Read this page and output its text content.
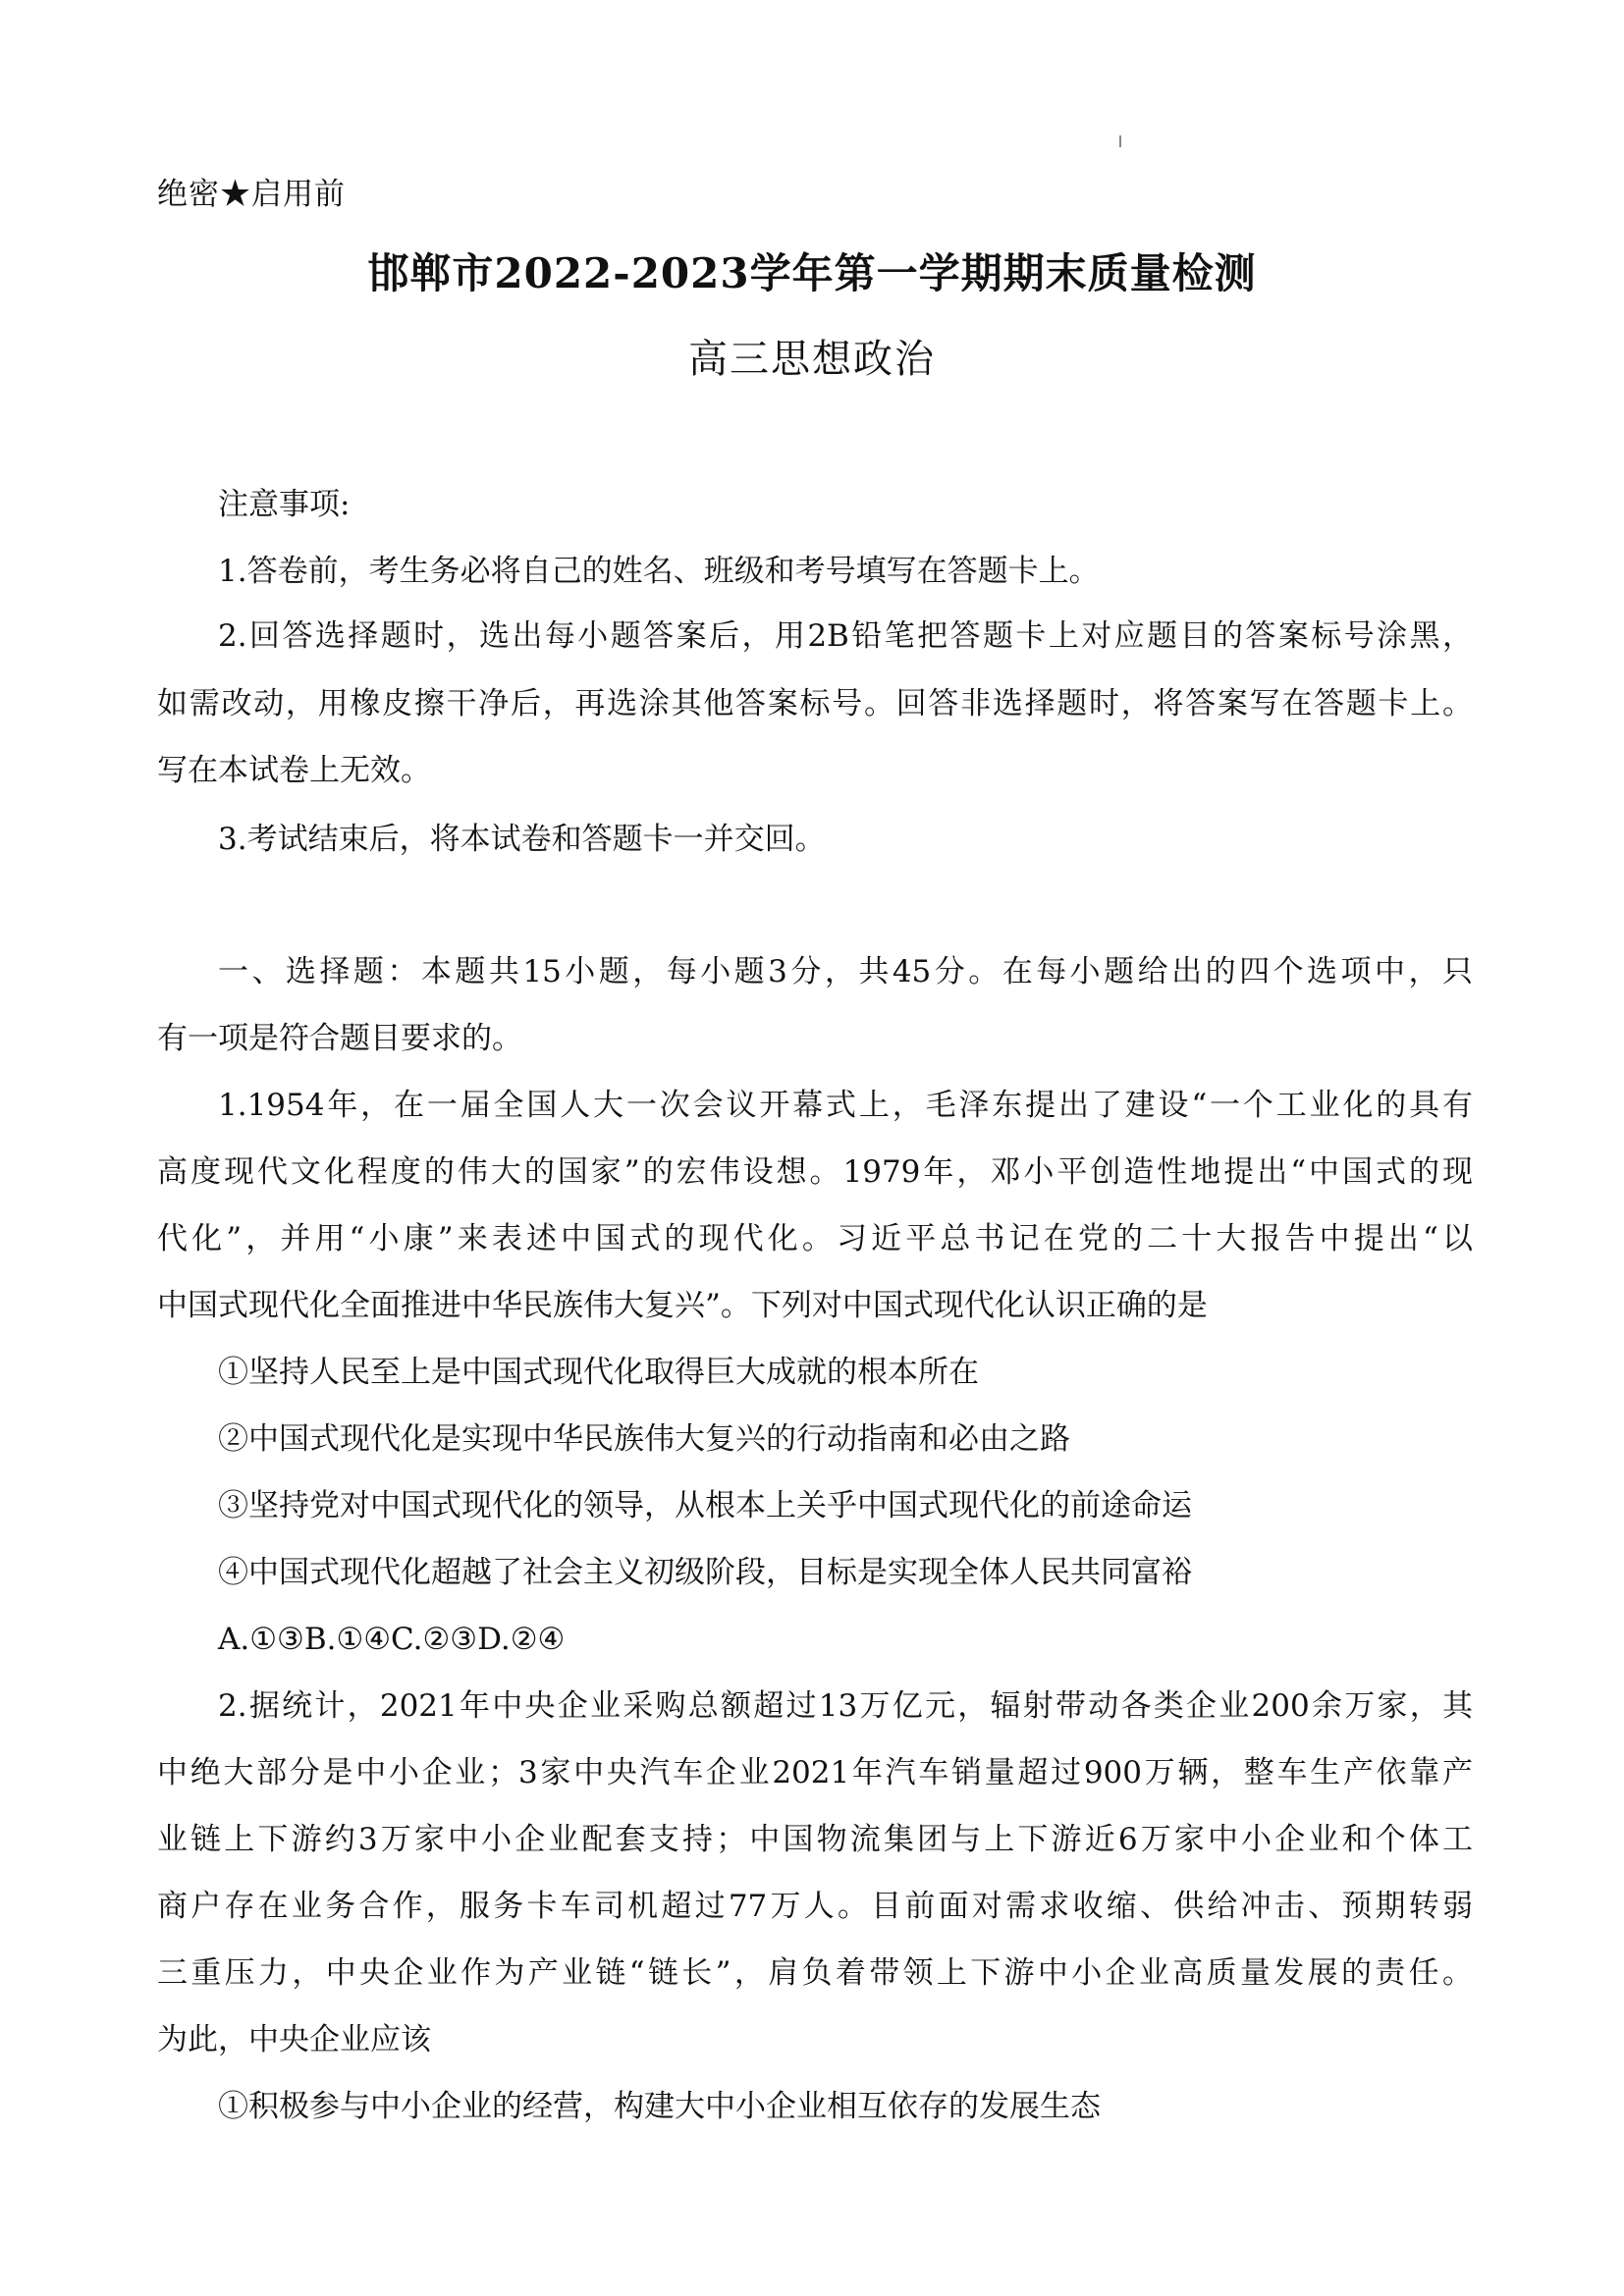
绝密★启用前
邯郸市2022-2023学年第一学期期末质量检测
高三思想政治
注意事项:
1.答卷前，考生务必将自己的姓名、班级和考号填写在答题卡上。
2.回答选择题时，选出每小题答案后，用2B铅笔把答题卡上对应题目的答案标号涂黑，
如需改动，用橡皮擦干净后，再选涂其他答案标号。回答非选择题时，将答案写在答题卡上。
写在本试卷上无效。
3.考试结束后，将本试卷和答题卡一并交回。
一、选择题：本题共15小题，每小题3分，共45分。在每小题给出的四个选项中，只
有一项是符合题目要求的。
1.1954年，在一届全国人大一次会议开幕式上，毛泽东提出了建设“一个工业化的具有
高度现代文化程度的伟大的国家”的宏伟设想。1979年，邓小平创造性地提出“中国式的现
代化”，并用“小康”来表述中国式的现代化。习近平总书记在党的二十大报告中提出“以
中国式现代化全面推进中华民族伟大复兴”。下列对中国式现代化认识正确的是
①坚持人民至上是中国式现代化取得巨大成就的根本所在
②中国式现代化是实现中华民族伟大复兴的行动指南和必由之路
③坚持党对中国式现代化的领导，从根本上关乎中国式现代化的前途命运
④中国式现代化超越了社会主义初级阶段，目标是实现全体人民共同富裕
A.①③B.①④C.②③D.②④
2.据统计，2021年中央企业采购总额超过13万亿元，辐射带动各类企业200余万家，其
中绝大部分是中小企业；3家中央汽车企业2021年汽车销量超过900万辆，整车生产依靠产
业链上下游约3万家中小企业配套支持；中国物流集团与上下游近6万家中小企业和个体工
商户存在业务合作，服务卡车司机超过77万人。目前面对需求收缩、供给冲击、预期转弱
三重压力，中央企业作为产业链“链长”，肩负着带领上下游中小企业高质量发展的责任。
为此，中央企业应该
①积极参与中小企业的经营，构建大中小企业相互依存的发展生态
